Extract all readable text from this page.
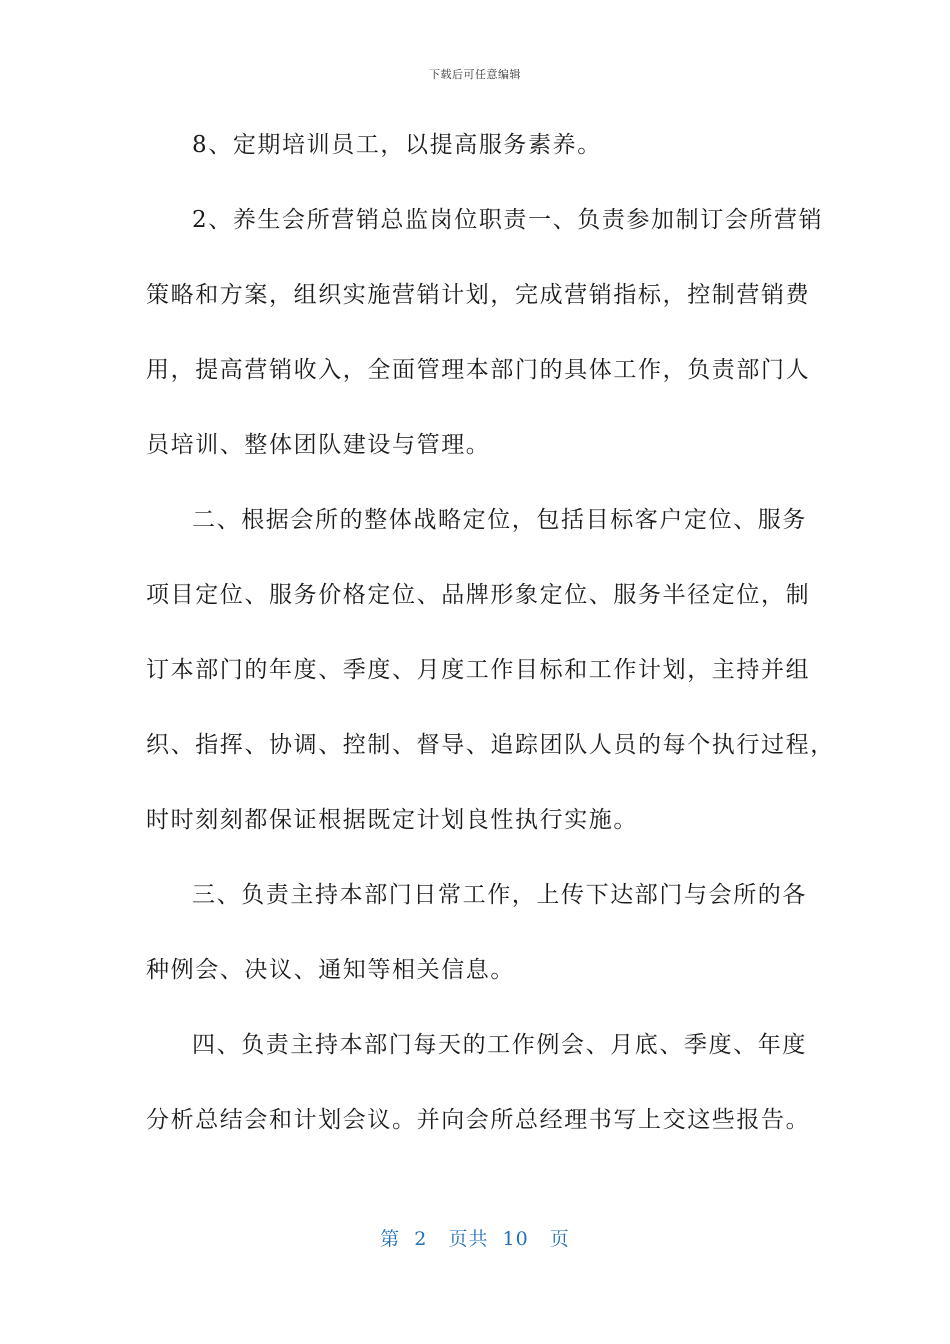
下载后可任意编辑
8、定期培训员工，以提高服务素养。
2、养生会所营销总监岗位职责一、负责参加制订会所营销
策略和方案，组织实施营销计划，完成营销指标，控制营销费
用，提高营销收入，全面管理本部门的具体工作，负责部门人
员培训、整体团队建设与管理。
二、根据会所的整体战略定位，包括目标客户定位、服务
项目定位、服务价格定位、品牌形象定位、服务半径定位，制
订本部门的年度、季度、月度工作目标和工作计划，主持并组
织、指挥、协调、控制、督导、追踪团队人员的每个执行过程，
时时刻刻都保证根据既定计划良性执行实施。
三、负责主持本部门日常工作，上传下达部门与会所的各
种例会、决议、通知等相关信息。
四、负责主持本部门每天的工作例会、月底、季度、年度
分析总结会和计划会议。并向会所总经理书写上交这些报告。
第  2   页共  10   页
